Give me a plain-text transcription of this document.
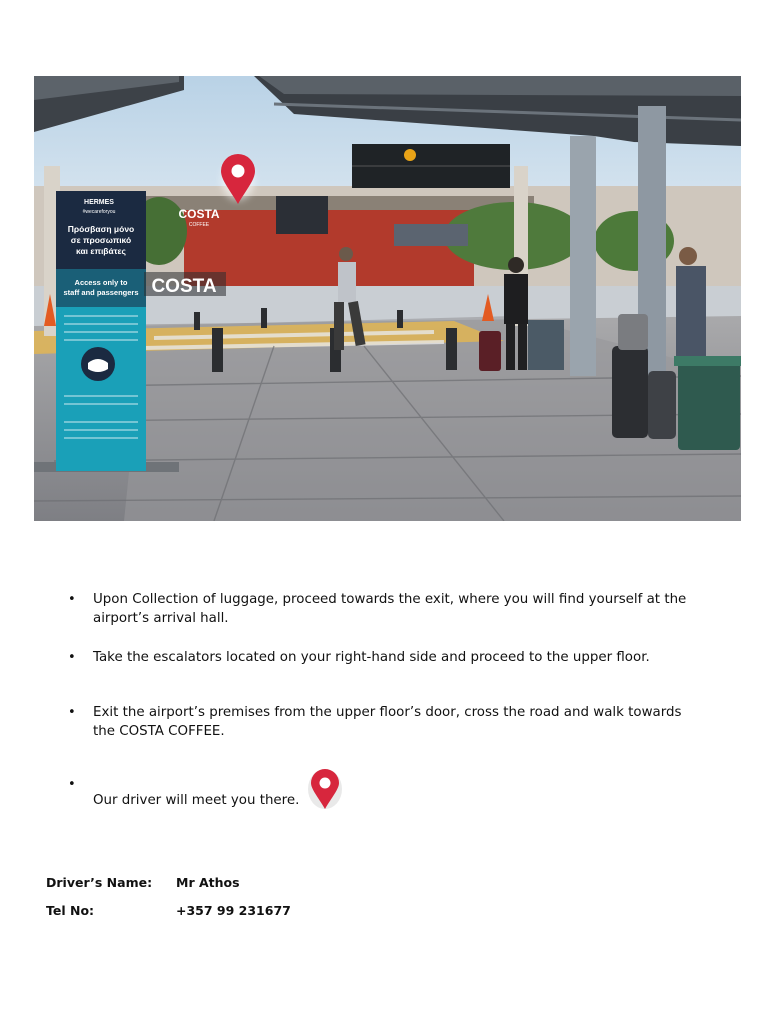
HERMES
#wecareforyou
Πρόσβαση μόνο
σε προσωπικό
και επιβάτες
Access only to
staff and passengers
COSTA
COFFEE
COSTA
• Upon Collection of luggage, proceed towards the exit, where you will find yourself at the airport’s arrival hall.
• Take the escalators located on your right-hand side and proceed to the upper floor.
• Exit the airport’s premises from the upper floor’s door, cross the road and walk towards the COSTA COFFEE.
• Our driver will meet you there.
Driver’s Name:	Mr Athos
Tel No:	+357 99 231677
